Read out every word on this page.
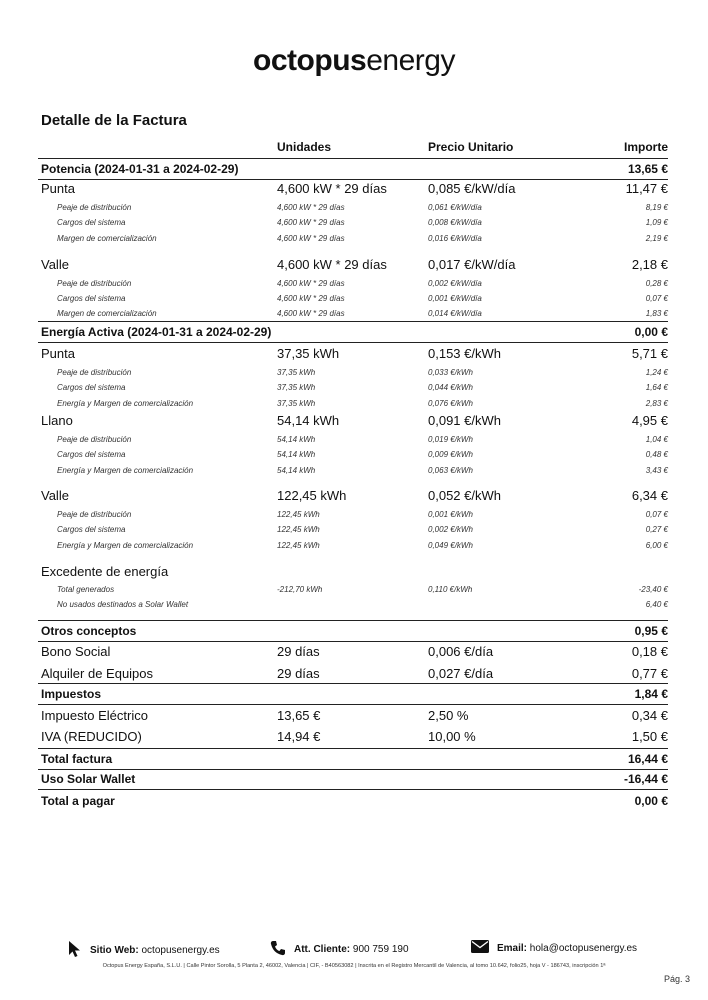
octopusenergy
Detalle de la Factura
Unidades	Precio Unitario	Importe
Potencia (2024-01-31 a 2024-02-29)	13,65 €
Punta	4,600 kW * 29 días	0,085 €/kW/día	11,47 €
Peaje de distribución	4,600 kW * 29 días	0,061 €/kW/día	8,19 €
Cargos del sistema	4,600 kW * 29 días	0,008 €/kW/día	1,09 €
Margen de comercialización	4,600 kW * 29 días	0,016 €/kW/día	2,19 €
Valle	4,600 kW * 29 días	0,017 €/kW/día	2,18 €
Peaje de distribución	4,600 kW * 29 días	0,002 €/kW/día	0,28 €
Cargos del sistema	4,600 kW * 29 días	0,001 €/kW/día	0,07 €
Margen de comercialización	4,600 kW * 29 días	0,014 €/kW/día	1,83 €
Energía Activa (2024-01-31 a 2024-02-29)	0,00 €
Punta	37,35 kWh	0,153 €/kWh	5,71 €
Peaje de distribución	37,35 kWh	0,033 €/kWh	1,24 €
Cargos del sistema	37,35 kWh	0,044 €/kWh	1,64 €
Energía y Margen de comercialización	37,35 kWh	0,076 €/kWh	2,83 €
Llano	54,14 kWh	0,091 €/kWh	4,95 €
Peaje de distribución	54,14 kWh	0,019 €/kWh	1,04 €
Cargos del sistema	54,14 kWh	0,009 €/kWh	0,48 €
Energía y Margen de comercialización	54,14 kWh	0,063 €/kWh	3,43 €
Valle	122,45 kWh	0,052 €/kWh	6,34 €
Peaje de distribución	122,45 kWh	0,001 €/kWh	0,07 €
Cargos del sistema	122,45 kWh	0,002 €/kWh	0,27 €
Energía y Margen de comercialización	122,45 kWh	0,049 €/kWh	6,00 €
Excedente de energía
Total generados	-212,70 kWh	0,110 €/kWh	-23,40 €
No usados destinados a Solar Wallet	6,40 €
Otros conceptos	0,95 €
Bono Social	29 días	0,006 €/día	0,18 €
Alquiler de Equipos	29 días	0,027 €/día	0,77 €
Impuestos	1,84 €
Impuesto Eléctrico	13,65 €	2,50 %	0,34 €
IVA (REDUCIDO)	14,94 €	10,00 %	1,50 €
Total factura	16,44 €
Uso Solar Wallet	-16,44 €
Total a pagar	0,00 €
Sitio Web: octopusenergy.es	Att. Cliente: 900 759 190	Email: hola@octopusenergy.es
Octopus Energy España, S.L.U. | Calle Pintor Sorolla, 5 Planta 2, 46002, Valencia | CIF, - B40563082 | Inscrita en el Registro Mercantil de Valencia, al tomo 10.642, folio25, hoja V - 186743, inscripción 1ª
Pág. 3
